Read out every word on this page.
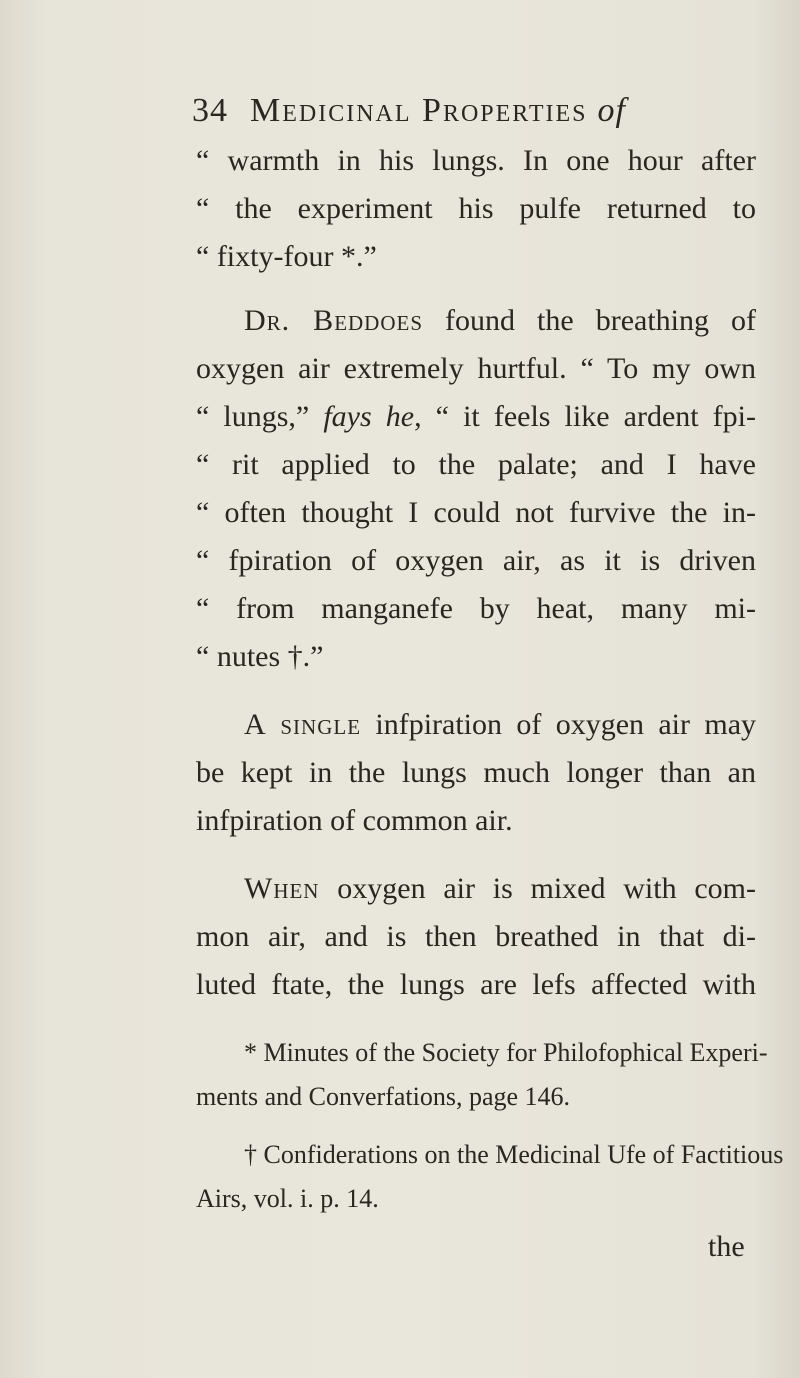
34 Medicinal Properties of
“ warmth in his lungs. In one hour after
“ the experiment his pulfe returned to
“ fixty-four *.”
Dr. Beddoes found the breathing of
oxygen air extremely hurtful. “ To my own
“ lungs,” fays he, “ it feels like ardent fpi-
“ rit applied to the palate; and I have
“ often thought I could not furvive the in-
“ fpiration of oxygen air, as it is driven
“ from manganefe by heat, many mi-
“ nutes †.”
A single infpiration of oxygen air may
be kept in the lungs much longer than an
infpiration of common air.
When oxygen air is mixed with com-
mon air, and is then breathed in that di-
luted ftate, the lungs are lefs affected with
* Minutes of the Society for Philofophical Experi-
ments and Converfations, page 146.
† Confiderations on the Medicinal Ufe of Factitious
Airs, vol. i. p. 14.
the
